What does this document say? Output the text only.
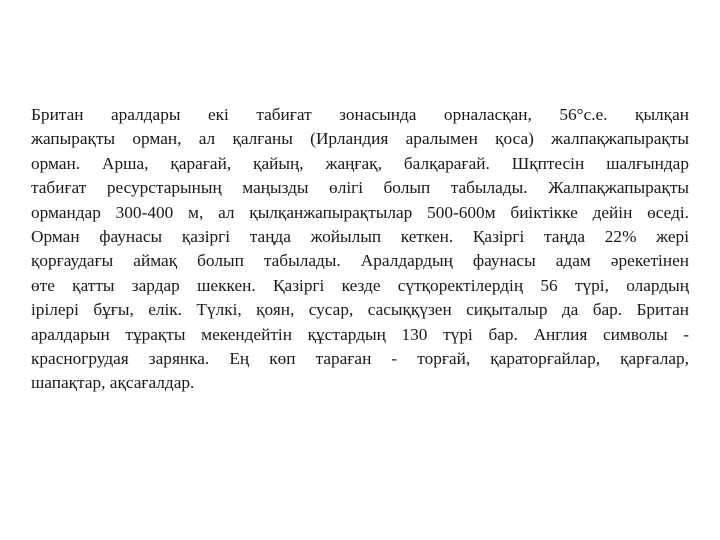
Британ аралдары екі табиғат зонасында орналасқан, 56°с.е. қылқан
жапырақты орман, ал қалғаны (Ирландия аралымен қоса) жалпақжапырақты
орман. Арша, қарағай, қайың, жаңғақ, балқарағай. Шқптесін шалғындар
табиғат ресурстарының маңызды өлігі болып табылады. Жалпақжапырақты
ормандар 300-400 м, ал қылқанжапырақтылар 500-600м биіктікке дейін өседі.
Орман фаунасы қазіргі таңда жойылып кеткен. Қазіргі таңда 22% жері
қорғаудағы аймақ болып табылады. Аралдардың фаунасы адам әрекетінен
өте қатты зардар шеккен. Қазіргі кезде сүтқоректілердің 56 түрі, олардың
ірілері бұғы, елік. Түлкі, қоян, сусар, сасыққүзен сиқыталыр да бар. Британ
аралдарын тұрақты мекендейтін құстардың 130 түрі бар. Англия символы -
красногрудая зарянка. Ең көп тараған - торғай, қараторғайлар, қарғалар,
шапақтар, ақсағалдар.
